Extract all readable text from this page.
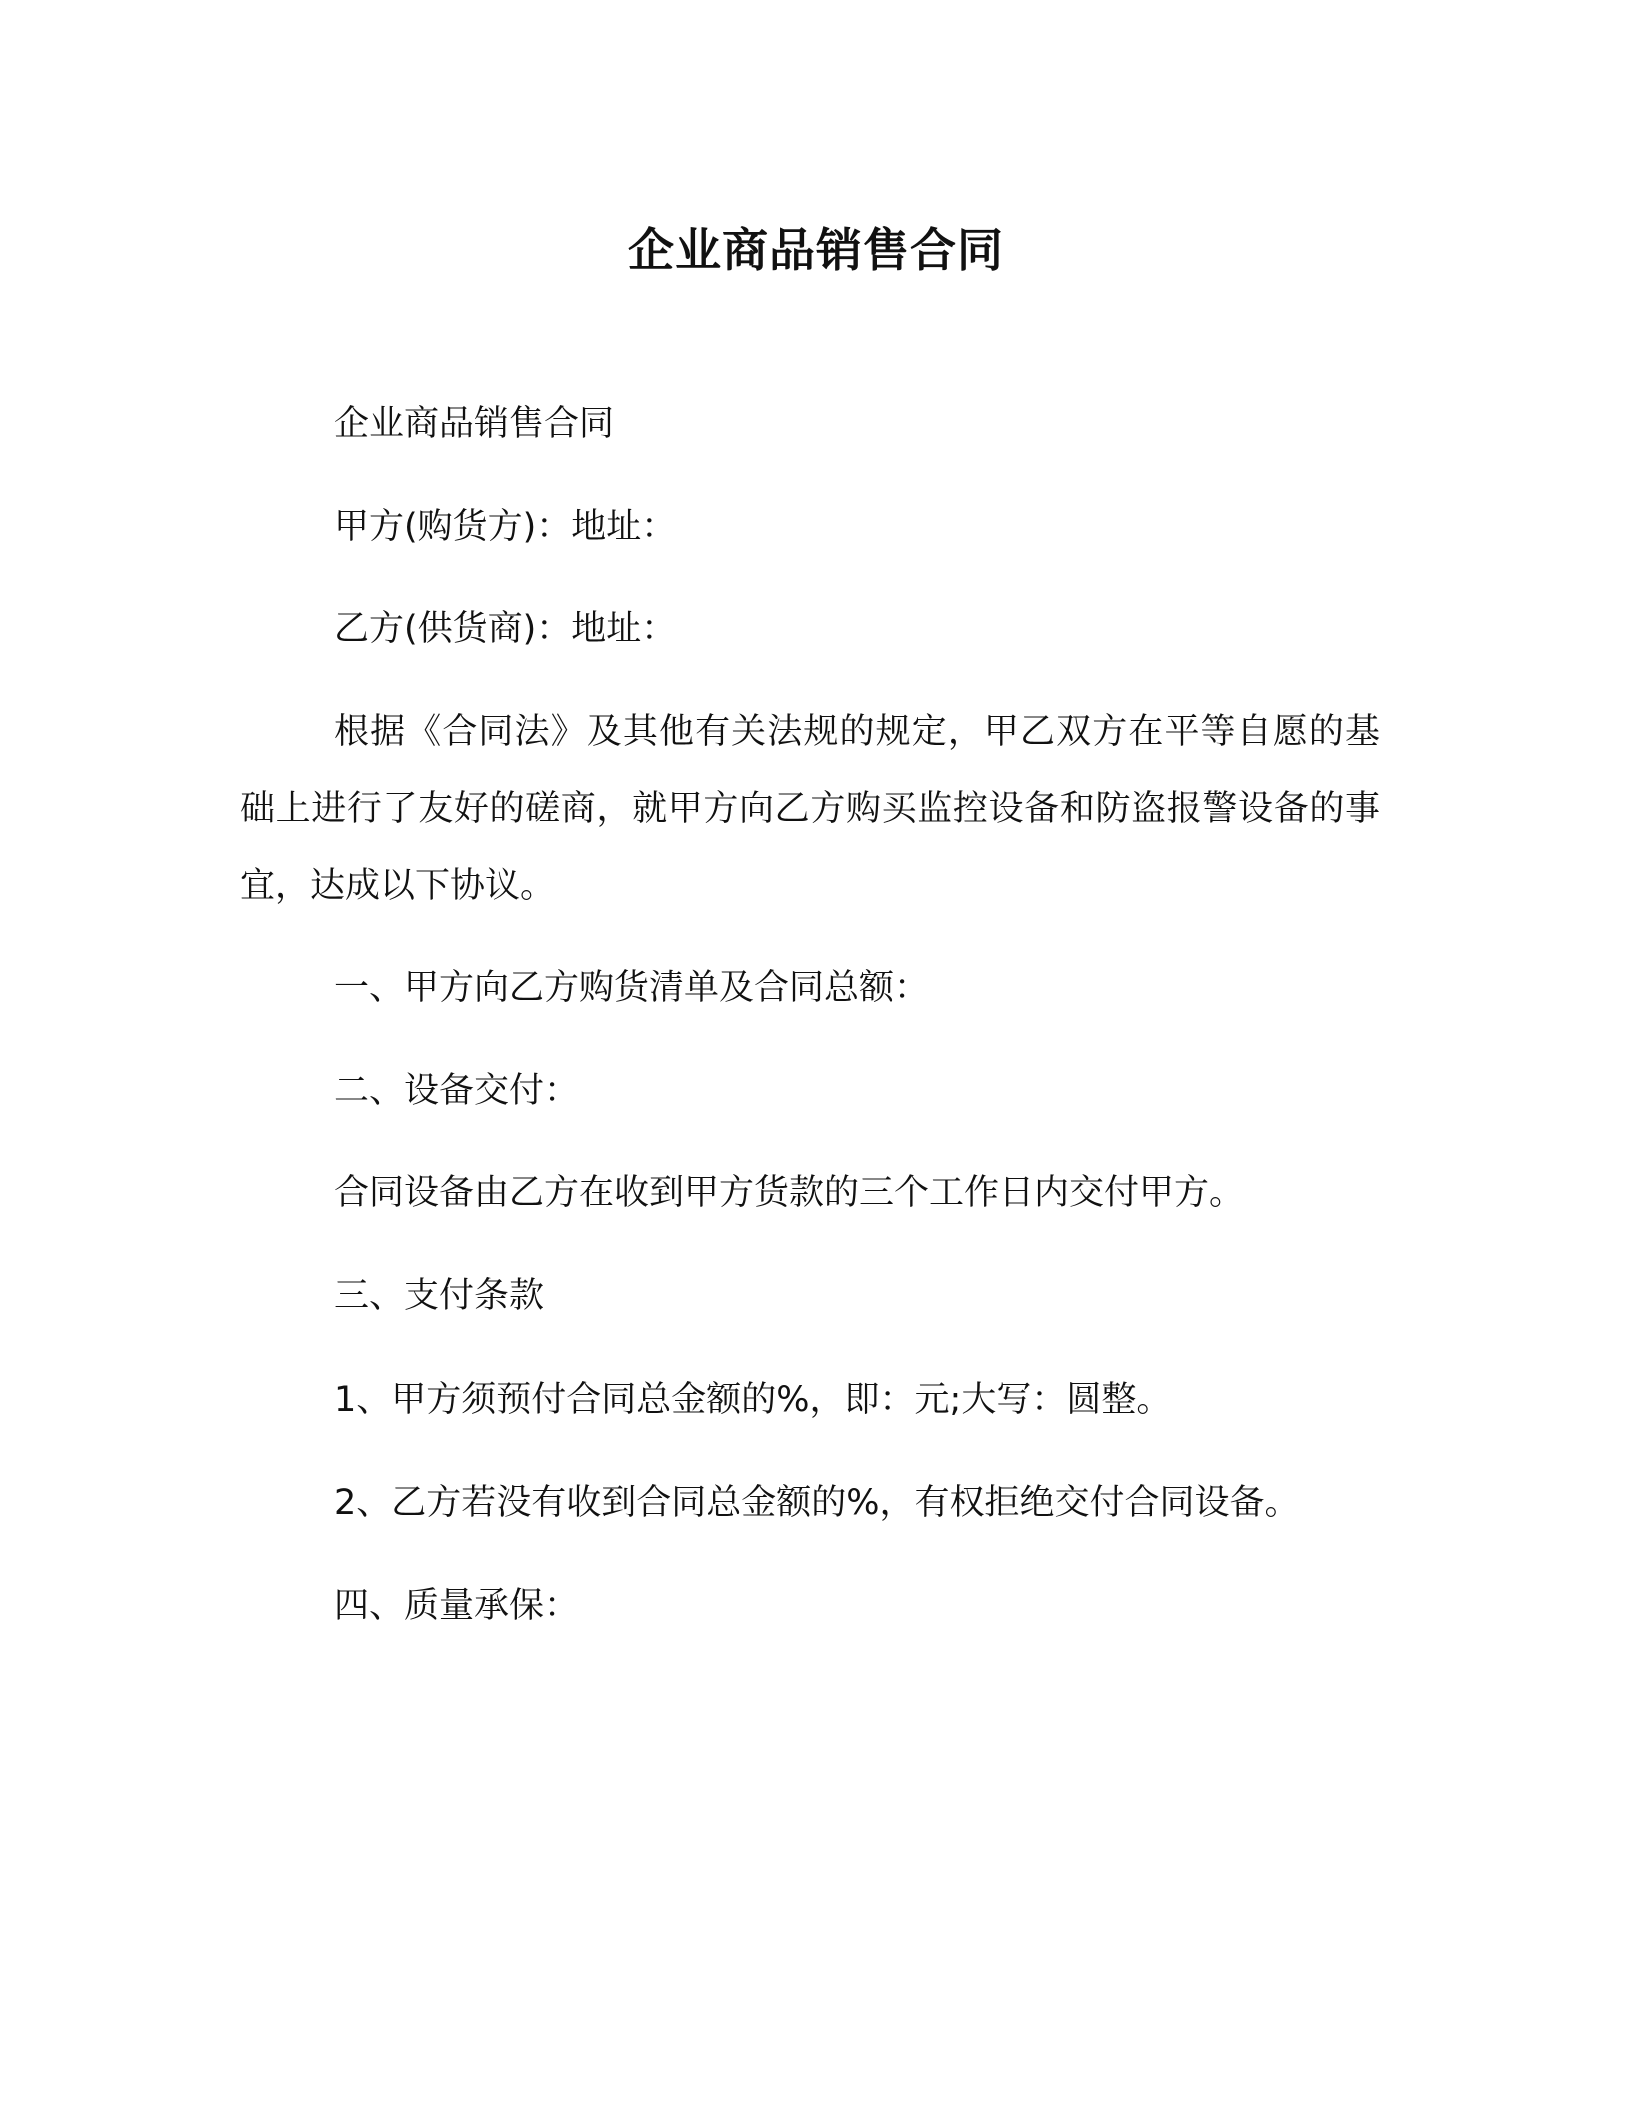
企业商品销售合同

企业商品销售合同

甲方(购货方)：地址：

乙方(供货商)：地址：

根据《合同法》及其他有关法规的规定，甲乙双方在平等自愿的基础上进行了友好的磋商，就甲方向乙方购买监控设备和防盗报警设备的事宜，达成以下协议。

一、甲方向乙方购货清单及合同总额：

二、设备交付：

合同设备由乙方在收到甲方货款的三个工作日内交付甲方。

三、支付条款

1、甲方须预付合同总金额的%，即：元;大写：圆整。

2、乙方若没有收到合同总金额的%，有权拒绝交付合同设备。

四、质量承保：
